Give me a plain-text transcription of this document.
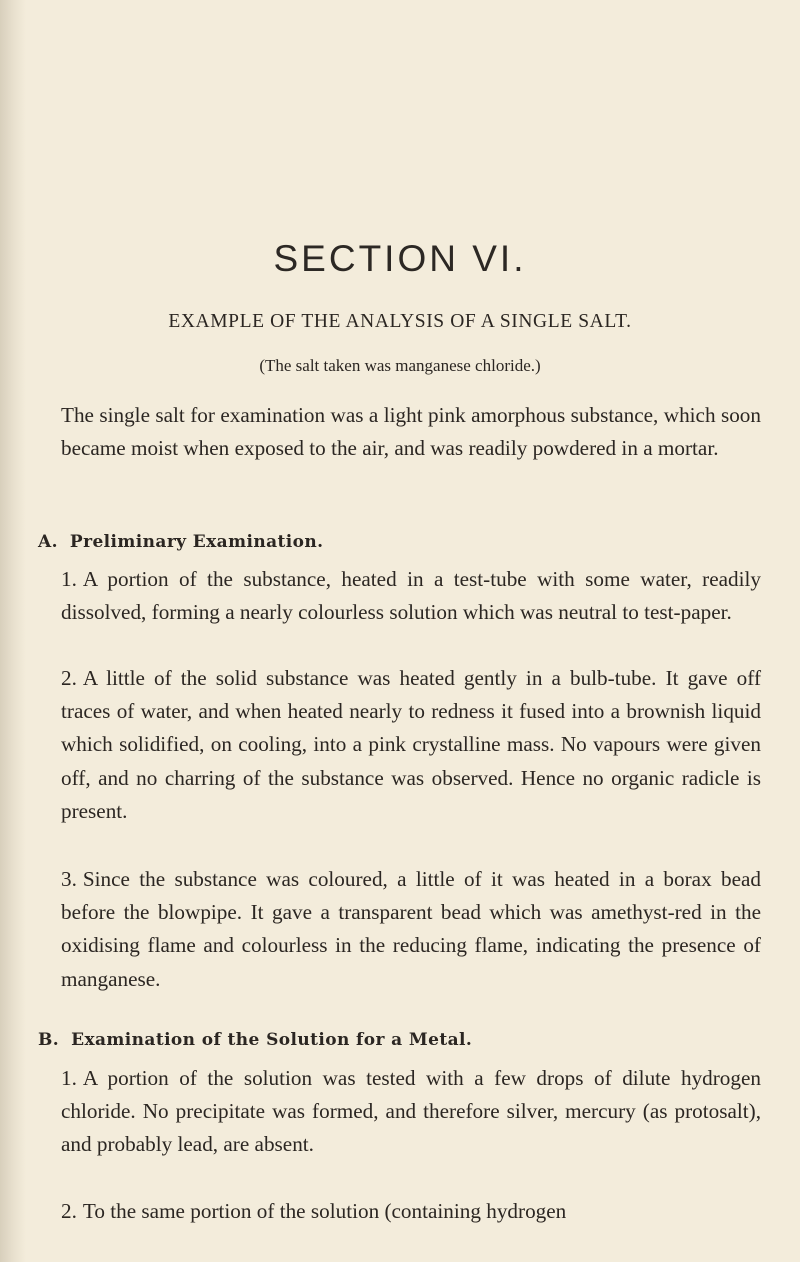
SECTION VI.
EXAMPLE OF THE ANALYSIS OF A SINGLE SALT.
(The salt taken was manganese chloride.)

The single salt for examination was a light pink amorphous substance, which soon became moist when exposed to the air, and was readily powdered in a mortar.

A. Preliminary Examination.

1. A portion of the substance, heated in a test-tube with some water, readily dissolved, forming a nearly colourless solution which was neutral to test-paper.

2. A little of the solid substance was heated gently in a bulb-tube. It gave off traces of water, and when heated nearly to redness it fused into a brownish liquid which solidified, on cooling, into a pink crystalline mass. No vapours were given off, and no charring of the substance was observed. Hence no organic radicle is present.

3. Since the substance was coloured, a little of it was heated in a borax bead before the blowpipe. It gave a transparent bead which was amethyst-red in the oxidising flame and colourless in the reducing flame, indicating the presence of manganese.

B. Examination of the Solution for a Metal.

1. A portion of the solution was tested with a few drops of dilute hydrogen chloride. No precipitate was formed, and therefore silver, mercury (as protosalt), and probably lead, are absent.

2. To the same portion of the solution (containing hydrogen
